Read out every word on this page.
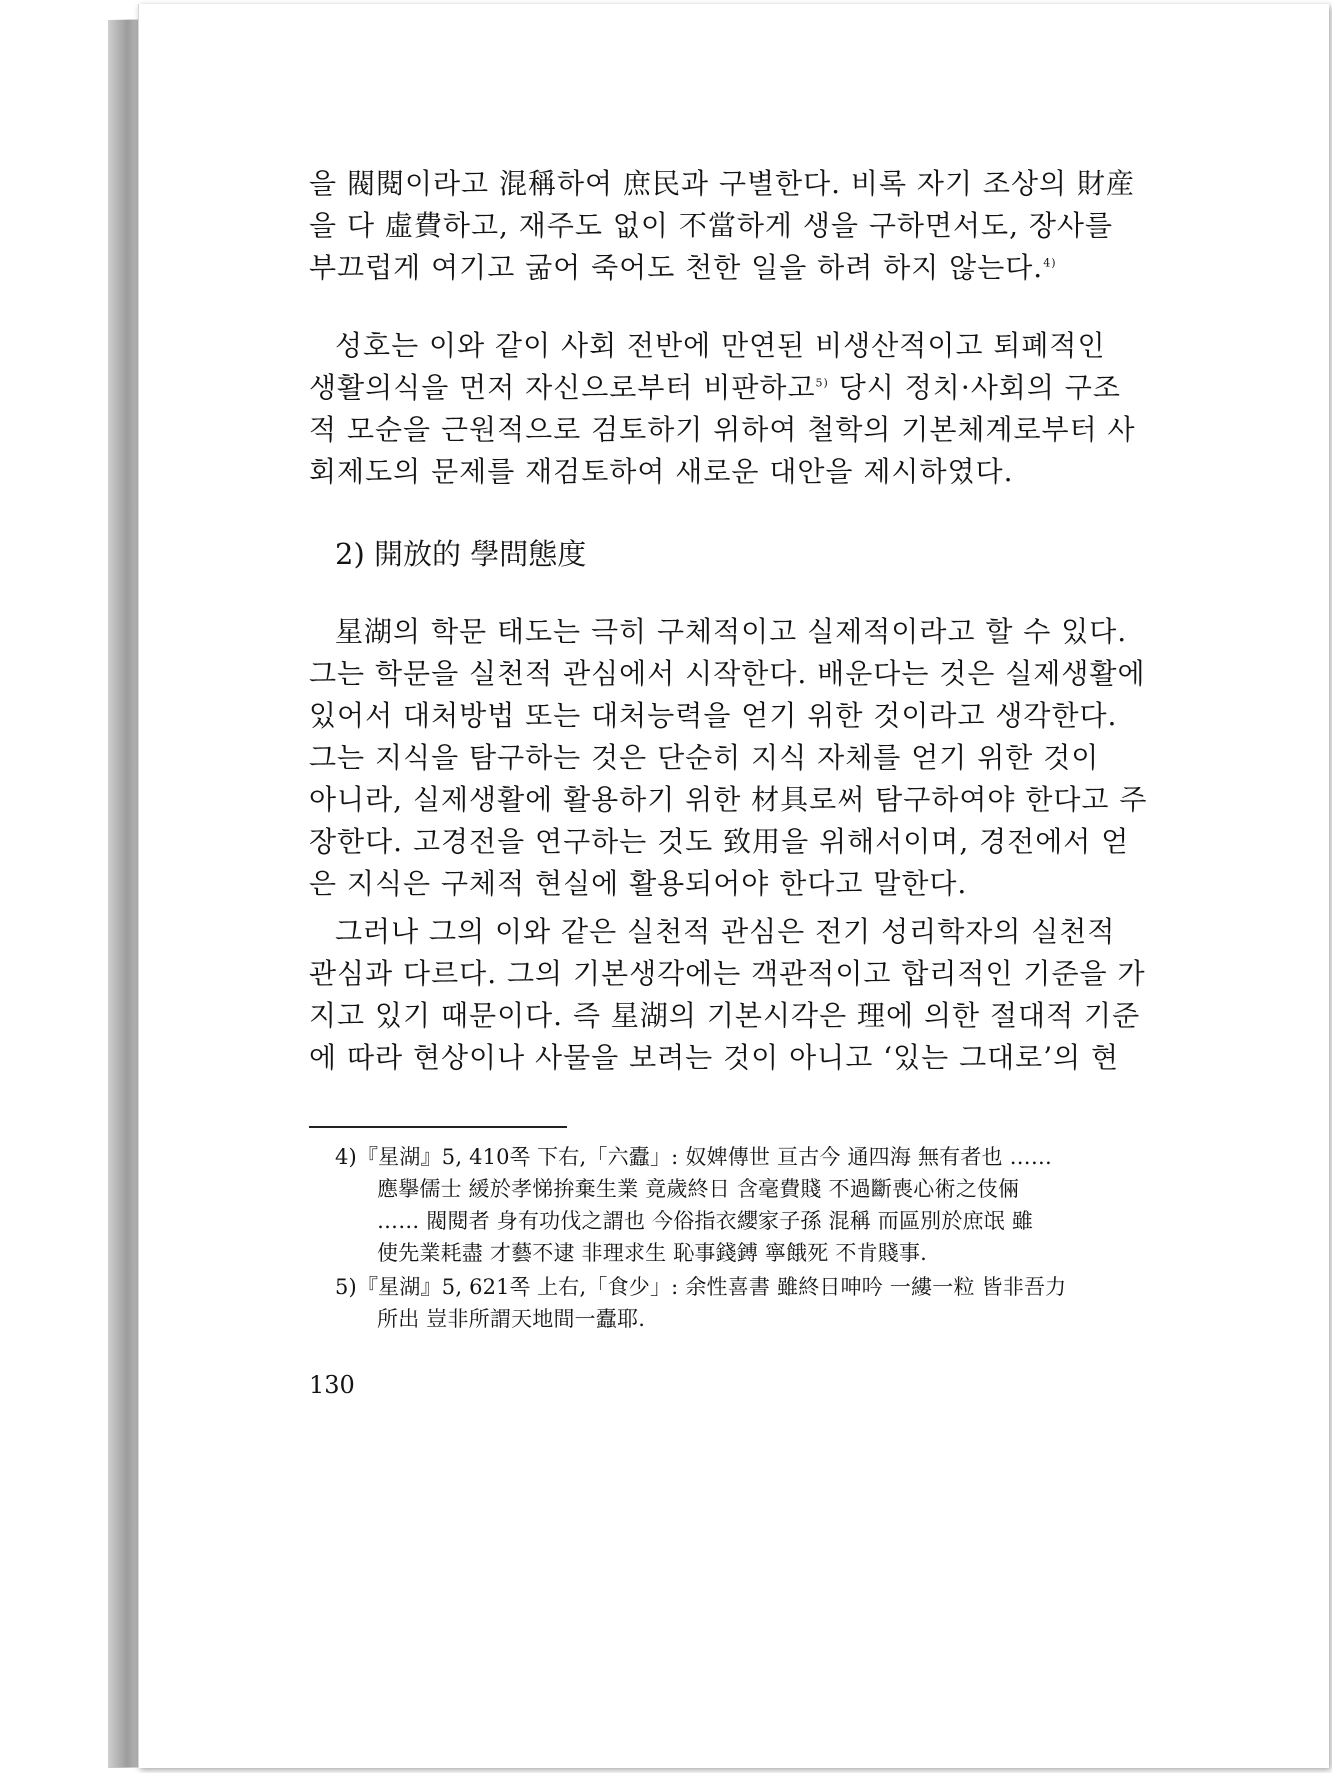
을 閥閱이라고 混稱하여 庶民과 구별한다. 비록 자기 조상의 財産
을 다 虛費하고, 재주도 없이 不當하게 생을 구하면서도, 장사를
부끄럽게 여기고 굶어 죽어도 천한 일을 하려 하지 않는다.$^{4)}$
성호는 이와 같이 사회 전반에 만연된 비생산적이고 퇴폐적인
생활의식을 먼저 자신으로부터 비판하고$^{5)}$ 당시 정치·사회의 구조
적 모순을 근원적으로 검토하기 위하여 철학의 기본체계로부터 사
회제도의 문제를 재검토하여 새로운 대안을 제시하였다.
2) 開放的 學問態度
星湖의 학문 태도는 극히 구체적이고 실제적이라고 할 수 있다.
그는 학문을 실천적 관심에서 시작한다. 배운다는 것은 실제생활에
있어서 대처방법 또는 대처능력을 얻기 위한 것이라고 생각한다.
그는 지식을 탐구하는 것은 단순히 지식 자체를 얻기 위한 것이
아니라, 실제생활에 활용하기 위한 材具로써 탐구하여야 한다고 주
장한다. 고경전을 연구하는 것도 致用을 위해서이며, 경전에서 얻
은 지식은 구체적 현실에 활용되어야 한다고 말한다.
그러나 그의 이와 같은 실천적 관심은 전기 성리학자의 실천적
관심과 다르다. 그의 기본생각에는 객관적이고 합리적인 기준을 가
지고 있기 때문이다. 즉 星湖의 기본시각은 理에 의한 절대적 기준
에 따라 현상이나 사물을 보려는 것이 아니고 ‘있는 그대로’의 현
4)『星湖』5, 410쪽 下右,「六蠹」: 奴婢傳世 亘古今 通四海 無有者也 ……
應擧儒士 緩於孝悌拚棄生業 竟歲終日 含毫費賤 不過斷喪心術之伎倆
…… 閥閱者 身有功伐之謂也 今俗指衣纓家子孫 混稱 而區別於庶氓 雖
使先業耗盡 才藝不逮 非理求生 恥事錢鎛 寧餓死 不肯賤事.
5)『星湖』5, 621쪽 上右,「食少」: 余性喜書 雖終日呻吟 一縷一粒 皆非吾力
所出 豈非所謂天地間一蠹耶.
130
